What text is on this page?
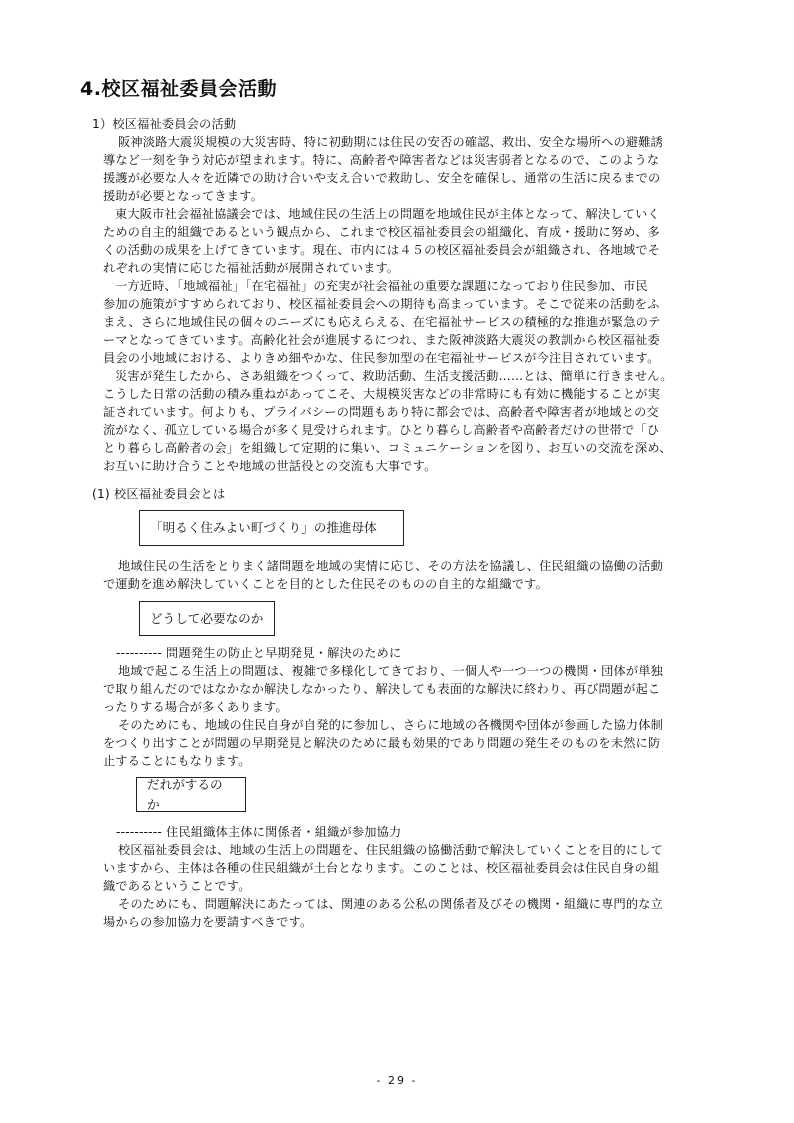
4.校区福祉委員会活動
1）校区福祉委員会の活動
阪神淡路大震災規模の大災害時、特に初動期には住民の安否の確認、救出、安全な場所への避難誘
導など一刻を争う対応が望まれます。特に、高齢者や障害者などは災害弱者となるので、このような
援護が必要な人々を近隣での助け合いや支え合いで救助し、安全を確保し、通常の生活に戻るまでの
援助が必要となってきます。
東大阪市社会福祉協議会では、地域住民の生活上の問題を地域住民が主体となって、解決していく
ための自主的組織であるという観点から、これまで校区福祉委員会の組織化、育成・援助に努め、多
くの活動の成果を上げてきています。現在、市内には４５の校区福祉委員会が組織され、各地域でそ
れぞれの実情に応じた福祉活動が展開されています。
一方近時、「地域福祉」「在宅福祉」の充実が社会福祉の重要な課題になっており住民参加、市民
参加の施策がすすめられており、校区福祉委員会への期待も高まっています。そこで従来の活動をふ
まえ、さらに地域住民の個々のニーズにも応えらえる、在宅福祉サービスの積極的な推進が緊急のテ
ーマとなってきています。高齢化社会が進展するにつれ、また阪神淡路大震災の教訓から校区福祉委
員会の小地域における、よりきめ細やかな、住民参加型の在宅福祉サービスが今注目されています。
災害が発生したから、さあ組織をつくって、救助活動、生活支援活動……とは、簡単に行きません。
こうした日常の活動の積み重ねがあってこそ、大規模災害などの非常時にも有効に機能することが実
証されています。何よりも、プライバシーの問題もあり特に都会では、高齢者や障害者が地域との交
流がなく、孤立している場合が多く見受けられます。ひとり暮らし高齢者や高齢者だけの世帯で「ひ
とり暮らし高齢者の会」を組織して定期的に集い、コミュニケーションを図り、お互いの交流を深め、
お互いに助け合うことや地域の世話役との交流も大事です。
(1) 校区福祉委員会とは
「明るく住みよい町づくり」の推進母体
地域住民の生活をとりまく諸問題を地域の実情に応じ、その方法を協議し、住民組織の協働の活動
で運動を進め解決していくことを目的とした住民そのものの自主的な組織です。
どうして必要なのか
---------- 問題発生の防止と早期発見・解決のために
地域で起こる生活上の問題は、複雑で多様化してきており、一個人や一つ一つの機関・団体が単独
で取り組んだのではなかなか解決しなかったり、解決しても表面的な解決に終わり、再び問題が起こ
ったりする場合が多くあります。
そのためにも、地域の住民自身が自発的に参加し、さらに地域の各機関や団体が参画した協力体制
をつくり出すことが問題の早期発見と解決のために最も効果的であり問題の発生そのものを未然に防
止することにもなります。
だれがするのか
---------- 住民組織体主体に関係者・組織が参加協力
校区福祉委員会は、地域の生活上の問題を、住民組織の協働活動で解決していくことを目的にして
いますから、主体は各種の住民組織が土台となります。このことは、校区福祉委員会は住民自身の組
織であるということです。
そのためにも、問題解決にあたっては、関連のある公私の関係者及びその機関・組織に専門的な立
場からの参加協力を要請すべきです。
- 29 -
